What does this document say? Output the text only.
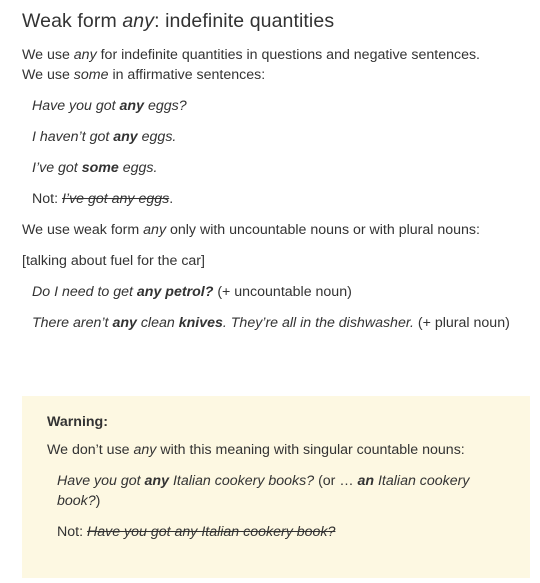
Weak form any: indefinite quantities

We use any for indefinite quantities in questions and negative sentences.
We use some in affirmative sentences:

Have you got any eggs?

I haven’t got any eggs.

I’ve got some eggs.

Not: I’ve got any eggs.

We use weak form any only with uncountable nouns or with plural nouns:

[talking about fuel for the car]

Do I need to get any petrol? (+ uncountable noun)

There aren’t any clean knives. They’re all in the dishwasher. (+ plural noun)

Warning:

We don’t use any with this meaning with singular countable nouns:

Have you got any Italian cookery books? (or … an Italian cookery book?)

Not: Have you got any Italian cookery book?
